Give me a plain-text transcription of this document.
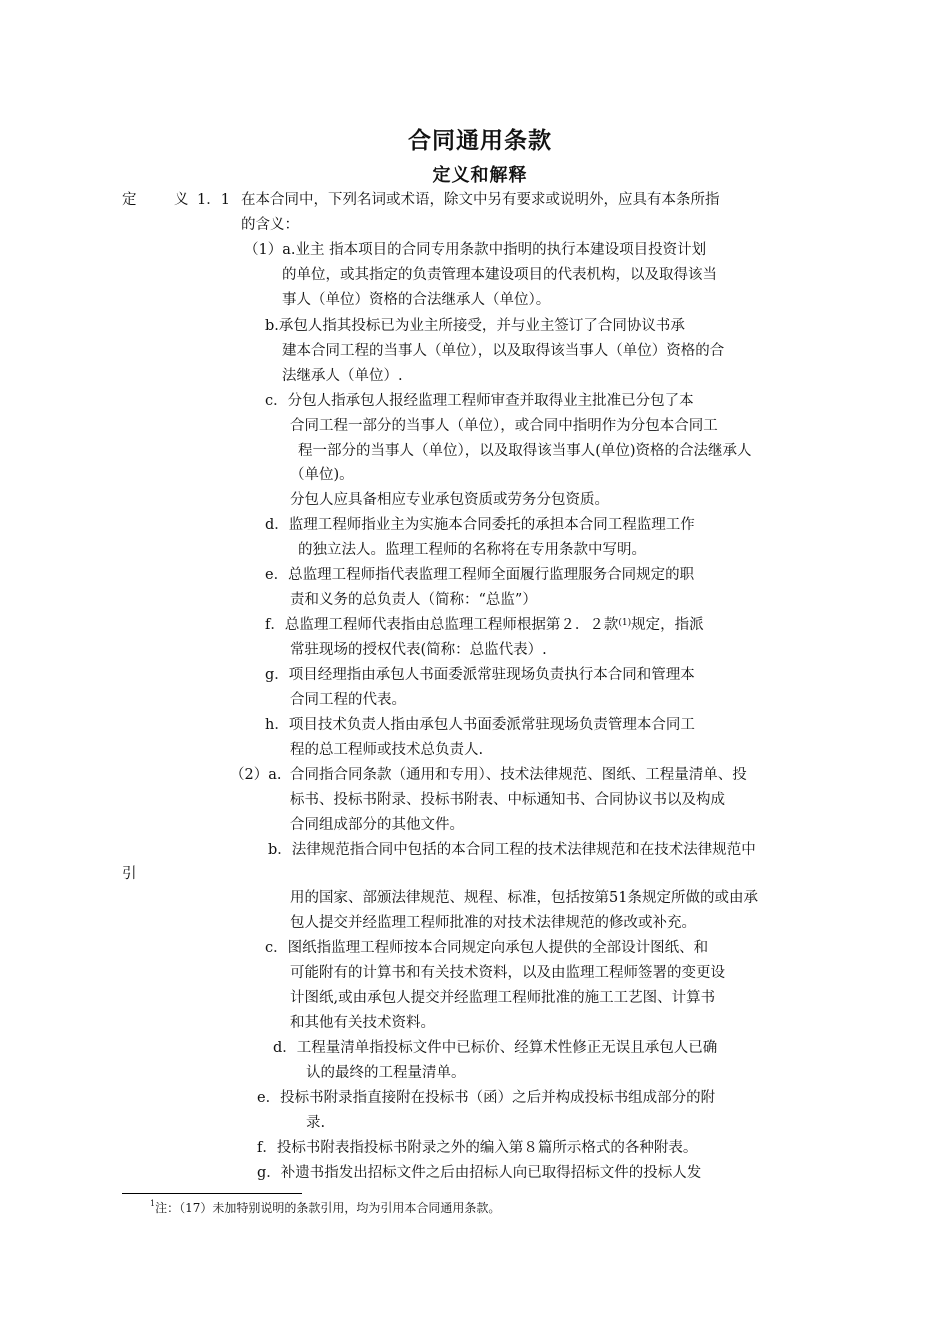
合同通用条款
定义和解释
定	义 1．1 在本合同中，下列名词或术语，除文中另有要求或说明外，应具有本条所指
的含义：
（1）a.业主 指本项目的合同专用条款中指明的执行本建设项目投资计划
的单位，或其指定的负责管理本建设项目的代表机构，以及取得该当
事人（单位）资格的合法继承人（单位）。
b.承包人指其投标已为业主所接受，并与业主签订了合同协议书承
建本合同工程的当事人（单位），以及取得该当事人（单位）资格的合
法继承人（单位）.
c．分包人指承包人报经监理工程师审查并取得业主批准已分包了本
合同工程一部分的当事人（单位），或合同中指明作为分包本合同工
程一部分的当事人（单位），以及取得该当事人(单位)资格的合法继承人
（单位)。
分包人应具备相应专业承包资质或劳务分包资质。
d．监理工程师指业主为实施本合同委托的承担本合同工程监理工作
的独立法人。监理工程师的名称将在专用条款中写明。
e．总监理工程师指代表监理工程师全面履行监理服务合同规定的职
责和义务的总负责人（简称：“总监”）
f．总监理工程师代表指由总监理工程师根据第２．２款$^{(1)}$规定，指派
常驻现场的授权代表(简称：总监代表）.
g．项目经理指由承包人书面委派常驻现场负责执行本合同和管理本
合同工程的代表。
h．项目技术负责人指由承包人书面委派常驻现场负责管理本合同工
程的总工程师或技术总负责人.
（2）a. 合同指合同条款（通用和专用）、技术法律规范、图纸、工程量清单、投
标书、投标书附录、投标书附表、中标通知书、合同协议书以及构成
合同组成部分的其他文件。
b．法律规范指合同中包括的本合同工程的技术法律规范和在技术法律规范中
引
用的国家、部颁法律规范、规程、标准，包括按第51条规定所做的或由承
包人提交并经监理工程师批准的对技术法律规范的修改或补充。
c．图纸指监理工程师按本合同规定向承包人提供的全部设计图纸、和
可能附有的计算书和有关技术资料，以及由监理工程师签署的变更设
计图纸,或由承包人提交并经监理工程师批准的施工工艺图、计算书
和其他有关技术资料。
d．工程量清单指投标文件中已标价、经算术性修正无误且承包人已确
认的最终的工程量清单。
e．投标书附录指直接附在投标书（函）之后并构成投标书组成部分的附
录.
f．投标书附表指投标书附录之外的编入第８篇所示格式的各种附表。
g．补遗书指发出招标文件之后由招标人向已取得招标文件的投标人发
$^1$注：（17）未加特别说明的条款引用，均为引用本合同通用条款。
